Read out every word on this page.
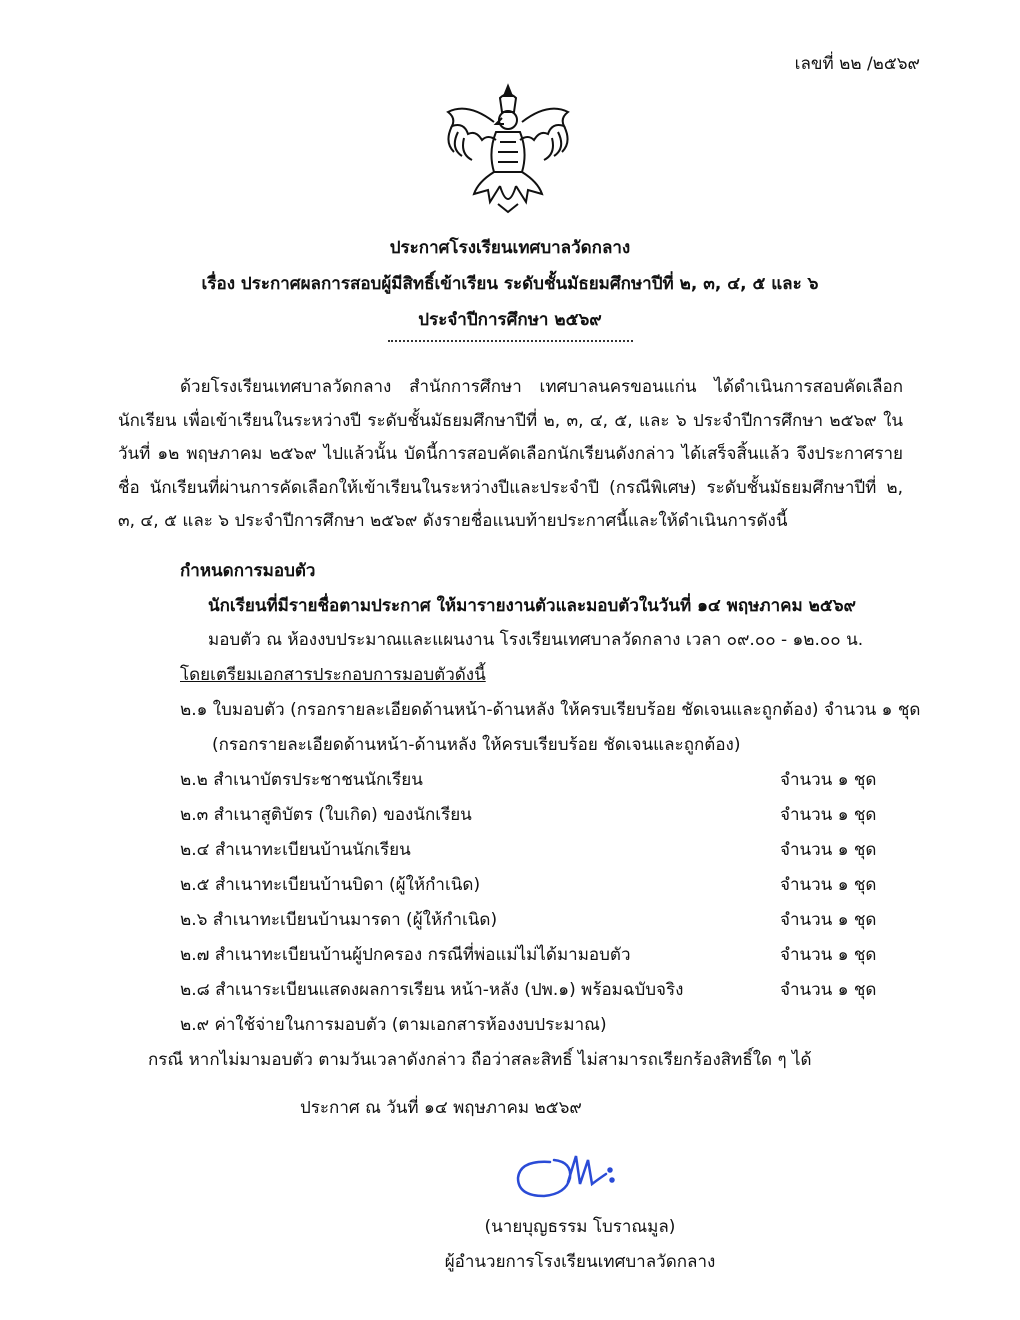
เลขที่ ๒๒ /๒๕๖๙
ประกาศโรงเรียนเทศบาลวัดกลาง
เรื่อง ประกาศผลการสอบผู้มีสิทธิ์เข้าเรียน ระดับชั้นมัธยมศึกษาปีที่ ๒, ๓, ๔, ๕ และ ๖
ประจำปีการศึกษา ๒๕๖๙
ด้วยโรงเรียนเทศบาลวัดกลาง สำนักการศึกษา เทศบาลนครขอนแก่น ได้ดำเนินการสอบคัดเลือกนักเรียน เพื่อเข้าเรียนในระหว่างปี ระดับชั้นมัธยมศึกษาปีที่ ๒, ๓, ๔, ๕, และ ๖ ประจำปีการศึกษา ๒๕๖๙ ในวันที่ ๑๒ พฤษภาคม ๒๕๖๙ ไปแล้วนั้น บัดนี้การสอบคัดเลือกนักเรียนดังกล่าว ได้เสร็จสิ้นแล้ว จึงประกาศรายชื่อ นักเรียนที่ผ่านการคัดเลือกให้เข้าเรียนในระหว่างปีและประจำปี (กรณีพิเศษ) ระดับชั้นมัธยมศึกษาปีที่ ๒, ๓, ๔, ๕ และ ๖ ประจำปีการศึกษา ๒๕๖๙ ดังรายชื่อแนบท้ายประกาศนี้และให้ดำเนินการดังนี้
กำหนดการมอบตัว
นักเรียนที่มีรายชื่อตามประกาศ ให้มารายงานตัวและมอบตัวในวันที่ ๑๔ พฤษภาคม ๒๕๖๙
มอบตัว ณ ห้องงบประมาณและแผนงาน โรงเรียนเทศบาลวัดกลาง เวลา ๐๙.๐๐ - ๑๒.๐๐ น.
โดยเตรียมเอกสารประกอบการมอบตัวดังนี้
๒.๑ ใบมอบตัว (กรอกรายละเอียดด้านหน้า-ด้านหลัง ให้ครบเรียบร้อย ชัดเจนและถูกต้อง) จำนวน ๑ ชุด
(กรอกรายละเอียดด้านหน้า-ด้านหลัง ให้ครบเรียบร้อย ชัดเจนและถูกต้อง)
๒.๒ สำเนาบัตรประชาชนนักเรียน	จำนวน ๑ ชุด
๒.๓ สำเนาสูติบัตร (ใบเกิด) ของนักเรียน	จำนวน ๑ ชุด
๒.๔ สำเนาทะเบียนบ้านนักเรียน	จำนวน ๑ ชุด
๒.๕ สำเนาทะเบียนบ้านบิดา (ผู้ให้กำเนิด)	จำนวน ๑ ชุด
๒.๖ สำเนาทะเบียนบ้านมารดา (ผู้ให้กำเนิด)	จำนวน ๑ ชุด
๒.๗ สำเนาทะเบียนบ้านผู้ปกครอง กรณีที่พ่อแม่ไม่ได้มามอบตัว	จำนวน ๑ ชุด
๒.๘ สำเนาระเบียนแสดงผลการเรียน หน้า-หลัง (ปพ.๑) พร้อมฉบับจริง	จำนวน ๑ ชุด
๒.๙ ค่าใช้จ่ายในการมอบตัว (ตามเอกสารห้องงบประมาณ)
กรณี หากไม่มามอบตัว ตามวันเวลาดังกล่าว ถือว่าสละสิทธิ์ ไม่สามารถเรียกร้องสิทธิ์ใด ๆ ได้
ประกาศ ณ วันที่ ๑๔ พฤษภาคม ๒๕๖๙
(นายบุญธรรม โบราณมูล)
ผู้อำนวยการโรงเรียนเทศบาลวัดกลาง
